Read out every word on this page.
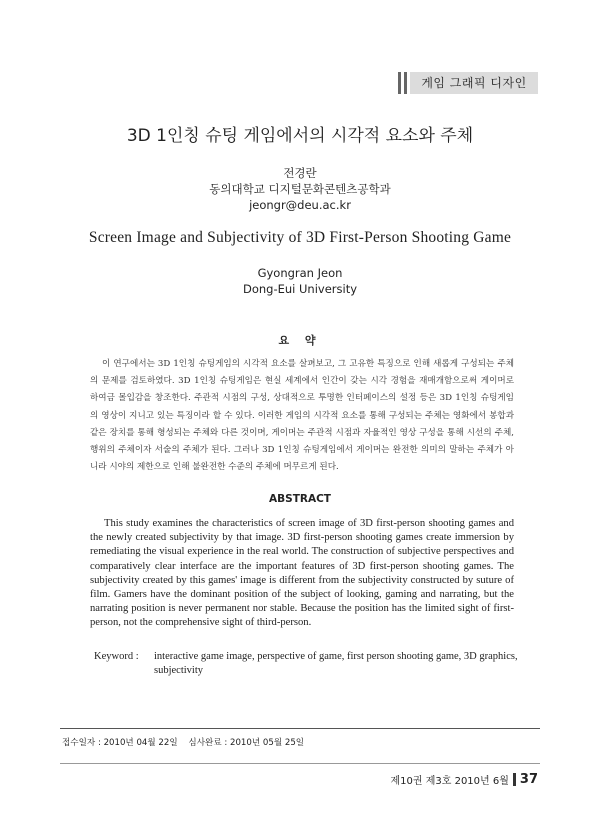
게임 그래픽 디자인
3D 1인칭 슈팅 게임에서의 시각적 요소와 주체
전경란
동의대학교 디지털문화콘텐츠공학과
jeongr@deu.ac.kr
Screen Image and Subjectivity of 3D First-Person Shooting Game
Gyongran Jeon
Dong-Eui University
요 약
이 연구에서는 3D 1인칭 슈팅게임의 시각적 요소를 살펴보고, 그 고유한 특징으로 인해 새롭게 구성되는 주체의 문제를 검토하였다. 3D 1인칭 슈팅게임은 현실 세계에서 인간이 갖는 시각 경험을 재매개함으로써 게이머로 하여금 몰입감을 창조한다. 주관적 시점의 구성, 상대적으로 투명한 인터페이스의 설정 등은 3D 1인칭 슈팅게임의 영상이 지니고 있는 특징이라 할 수 있다. 이러한 게임의 시각적 요소를 통해 구성되는 주체는 영화에서 봉합과 같은 장치를 통해 형성되는 주체와 다른 것이며, 게이머는 주관적 시점과 자율적인 영상 구성을 통해 시선의 주체, 행위의 주체이자 서술의 주체가 된다. 그러나 3D 1인칭 슈팅게임에서 게이머는 완전한 의미의 말하는 주체가 아니라 시야의 제한으로 인해 불완전한 수준의 주체에 머무르게 된다.
ABSTRACT
This study examines the characteristics of screen image of 3D first-person shooting games and the newly created subjectivity by that image. 3D first-person shooting games create immersion by remediating the visual experience in the real world. The construction of subjective perspectives and comparatively clear interface are the important features of 3D first-person shooting games. The subjectivity created by this games' image is different from the subjectivity constructed by suture of film. Gamers have the dominant position of the subject of looking, gaming and narrating, but the narrating position is never permanent nor stable. Because the position has the limited sight of first-person, not the comprehensive sight of third-person.
Keyword :	interactive game image, perspective of game, first person shooting game, 3D graphics, subjectivity
접수일자 : 2010년 04월 22일 심사완료 : 2010년 05월 25일
제10권 제3호 2010년 6월 37
